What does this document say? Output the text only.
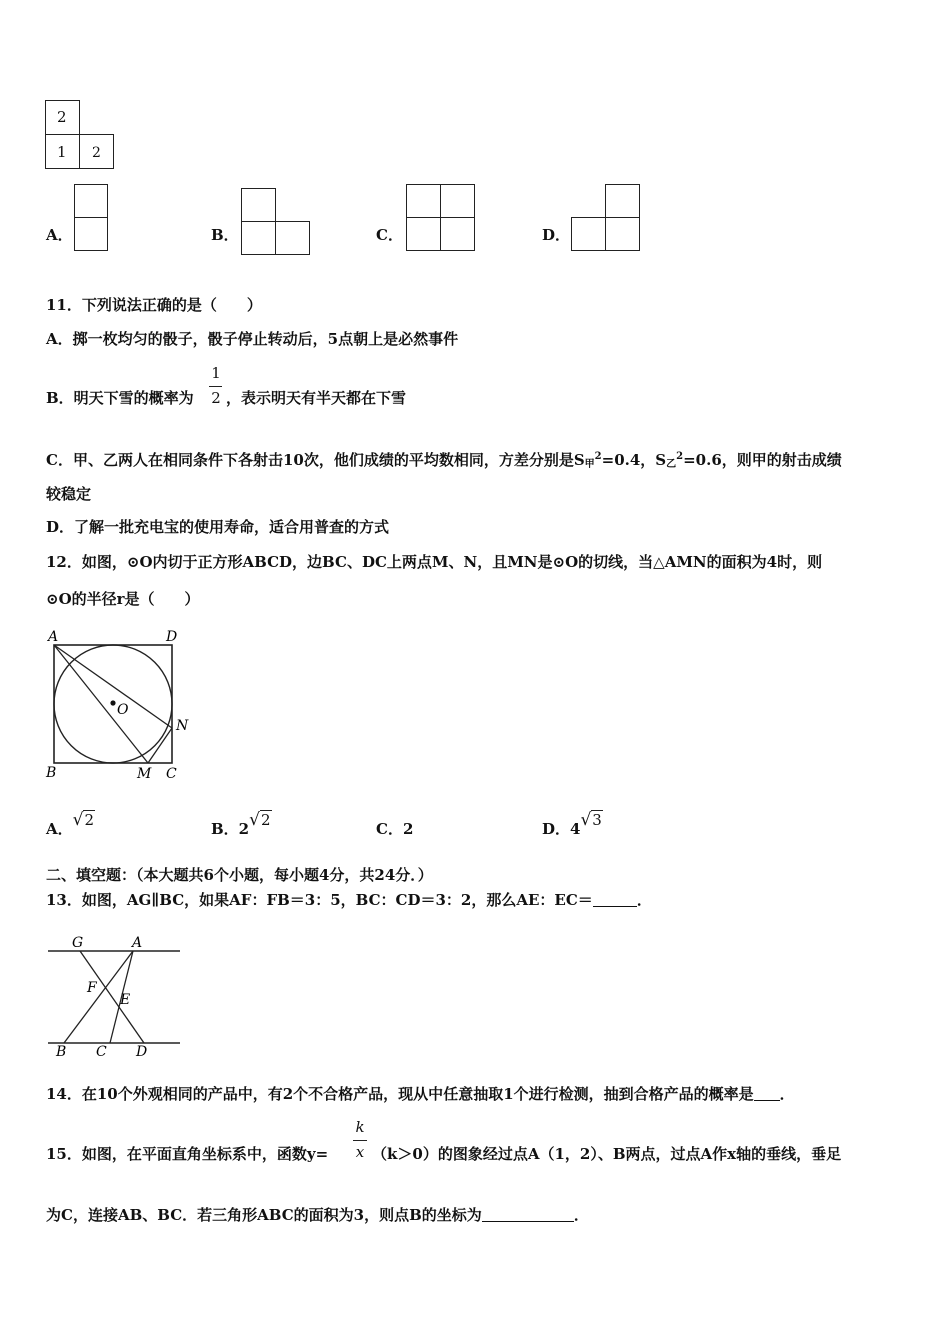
2
1 2
A．	B．	C．	D．
11．下列说法正确的是（　　）
A．掷一枚均匀的骰子，骰子停止转动后，5点朝上是必然事件
B．明天下雪的概率为
1
2 ，表示明天有半天都在下雪
C．甲、乙两人在相同条件下各射击10次，他们成绩的平均数相同，方差分别是$S_甲^2=0.4$，$S_乙^2=0.6$，则甲的射击成绩
较稳定
D．了解一批充电宝的使用寿命，适合用普查的方式
12．如图，⊙O内切于正方形ABCD，边BC、DC上两点M、N，且MN是⊙O的切线，当△AMN的面积为4时，则
⊙O的半径r是（　　）
A	D
B	C
M
N
O
A．√2	B．2√2	C．2	D．4√3
二、填空题：（本大题共6个小题，每小题4分，共24分．）
13．如图，AG∥BC，如果AF：FB＝3：5，BC：CD＝3：2，那么AE：EC＝	．
G	A
F
E
B C D
14．在10个外观相同的产品中，有2个不合格产品，现从中任意抽取1个进行检测，抽到合格产品的概率是 ．
15．如图，在平面直角坐标系中，函数y=
k
x （k＞0）的图象经过点A（1，2）、B两点，过点A作x轴的垂线，垂足
为C，连接AB、BC．若三角形ABC的面积为3，则点B的坐标为	．
